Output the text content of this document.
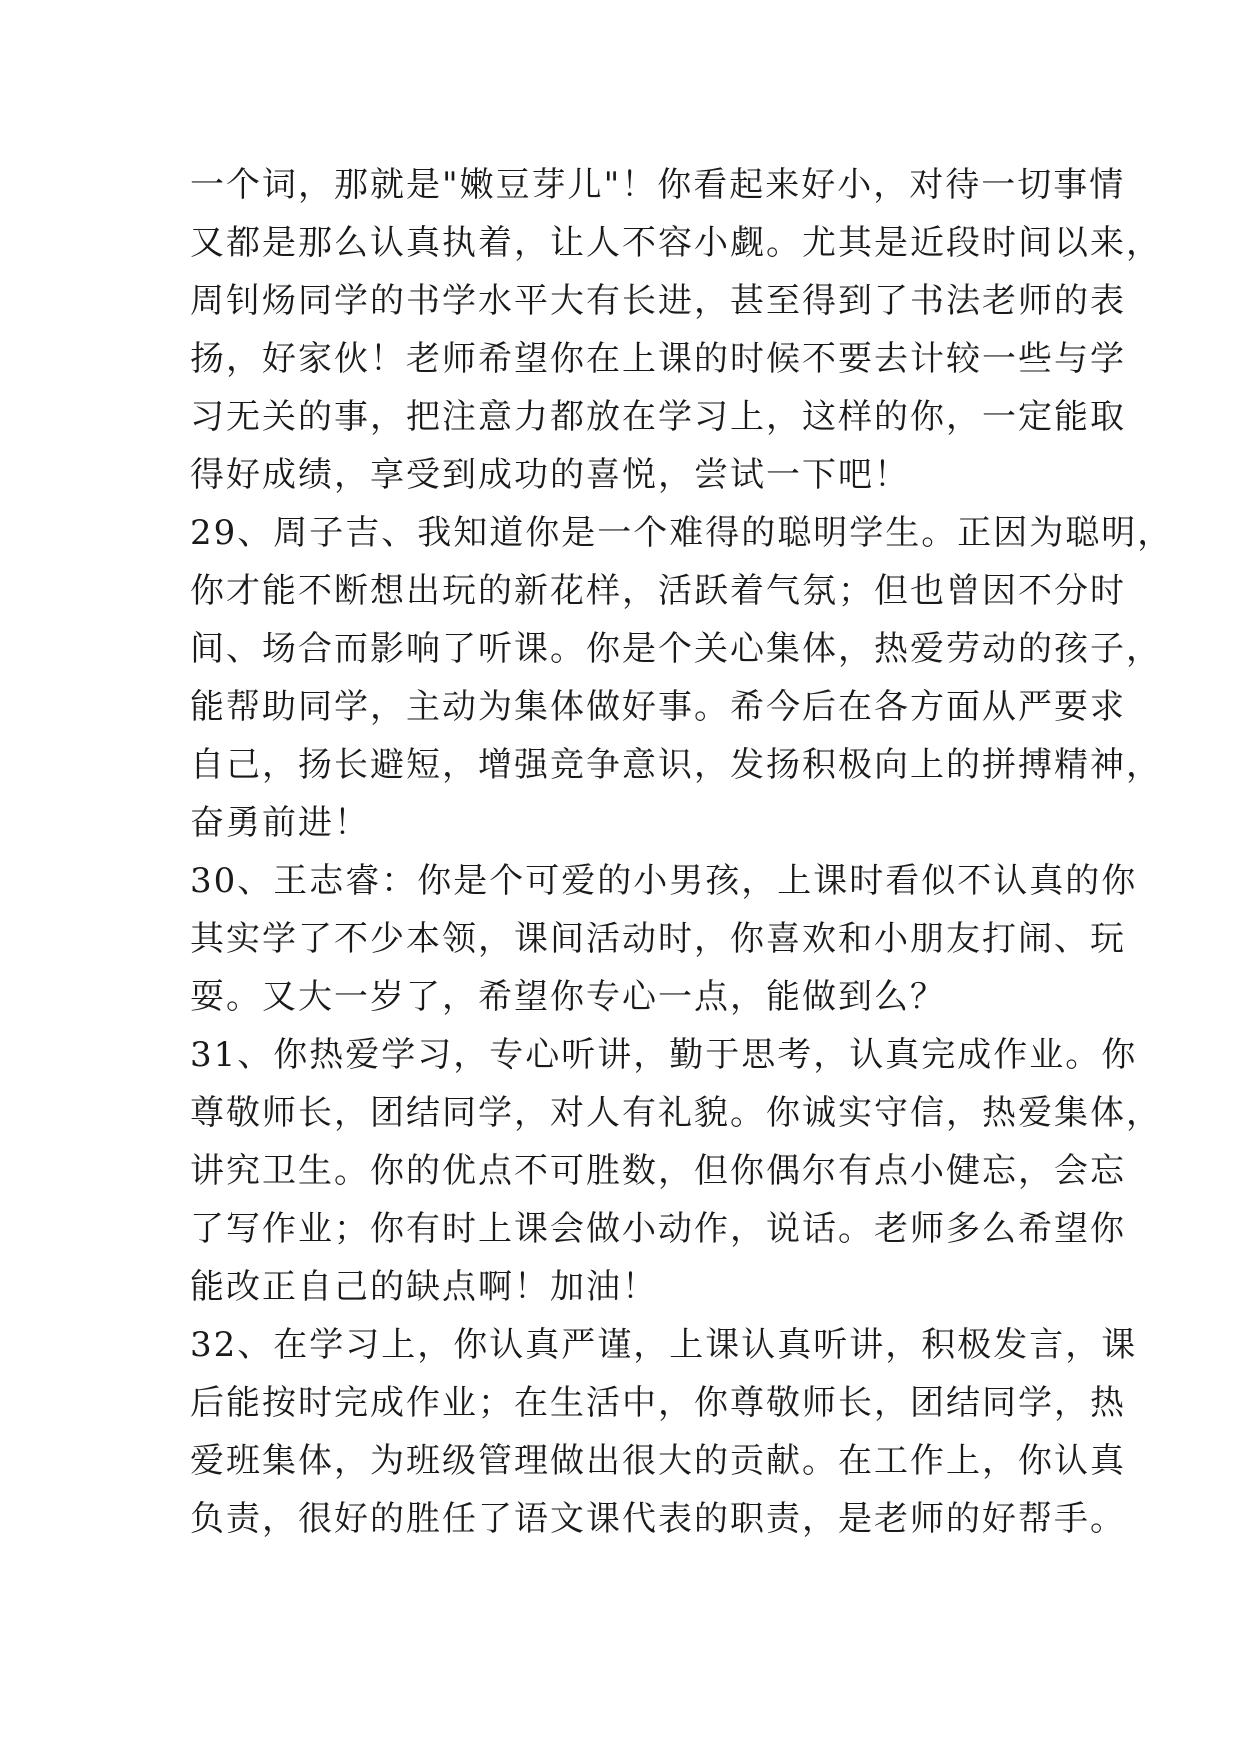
一个词，那就是"嫩豆芽儿"！你看起来好小，对待一切事情
又都是那么认真执着，让人不容小觑。尤其是近段时间以来，
周钊炀同学的书学水平大有长进，甚至得到了书法老师的表
扬，好家伙！老师希望你在上课的时候不要去计较一些与学
习无关的事，把注意力都放在学习上，这样的你，一定能取
得好成绩，享受到成功的喜悦，尝试一下吧！
29、周子吉、我知道你是一个难得的聪明学生。正因为聪明，
你才能不断想出玩的新花样，活跃着气氛；但也曾因不分时
间、场合而影响了听课。你是个关心集体，热爱劳动的孩子，
能帮助同学，主动为集体做好事。希今后在各方面从严要求
自己，扬长避短，增强竞争意识，发扬积极向上的拼搏精神，
奋勇前进！
30、王志睿：你是个可爱的小男孩，上课时看似不认真的你
其实学了不少本领，课间活动时，你喜欢和小朋友打闹、玩
耍。又大一岁了，希望你专心一点，能做到么？
31、你热爱学习，专心听讲，勤于思考，认真完成作业。你
尊敬师长，团结同学，对人有礼貌。你诚实守信，热爱集体，
讲究卫生。你的优点不可胜数，但你偶尔有点小健忘，会忘
了写作业；你有时上课会做小动作，说话。老师多么希望你
能改正自己的缺点啊！加油！
32、在学习上，你认真严谨，上课认真听讲，积极发言，课
后能按时完成作业；在生活中，你尊敬师长，团结同学，热
爱班集体，为班级管理做出很大的贡献。在工作上，你认真
负责，很好的胜任了语文课代表的职责，是老师的好帮手。
